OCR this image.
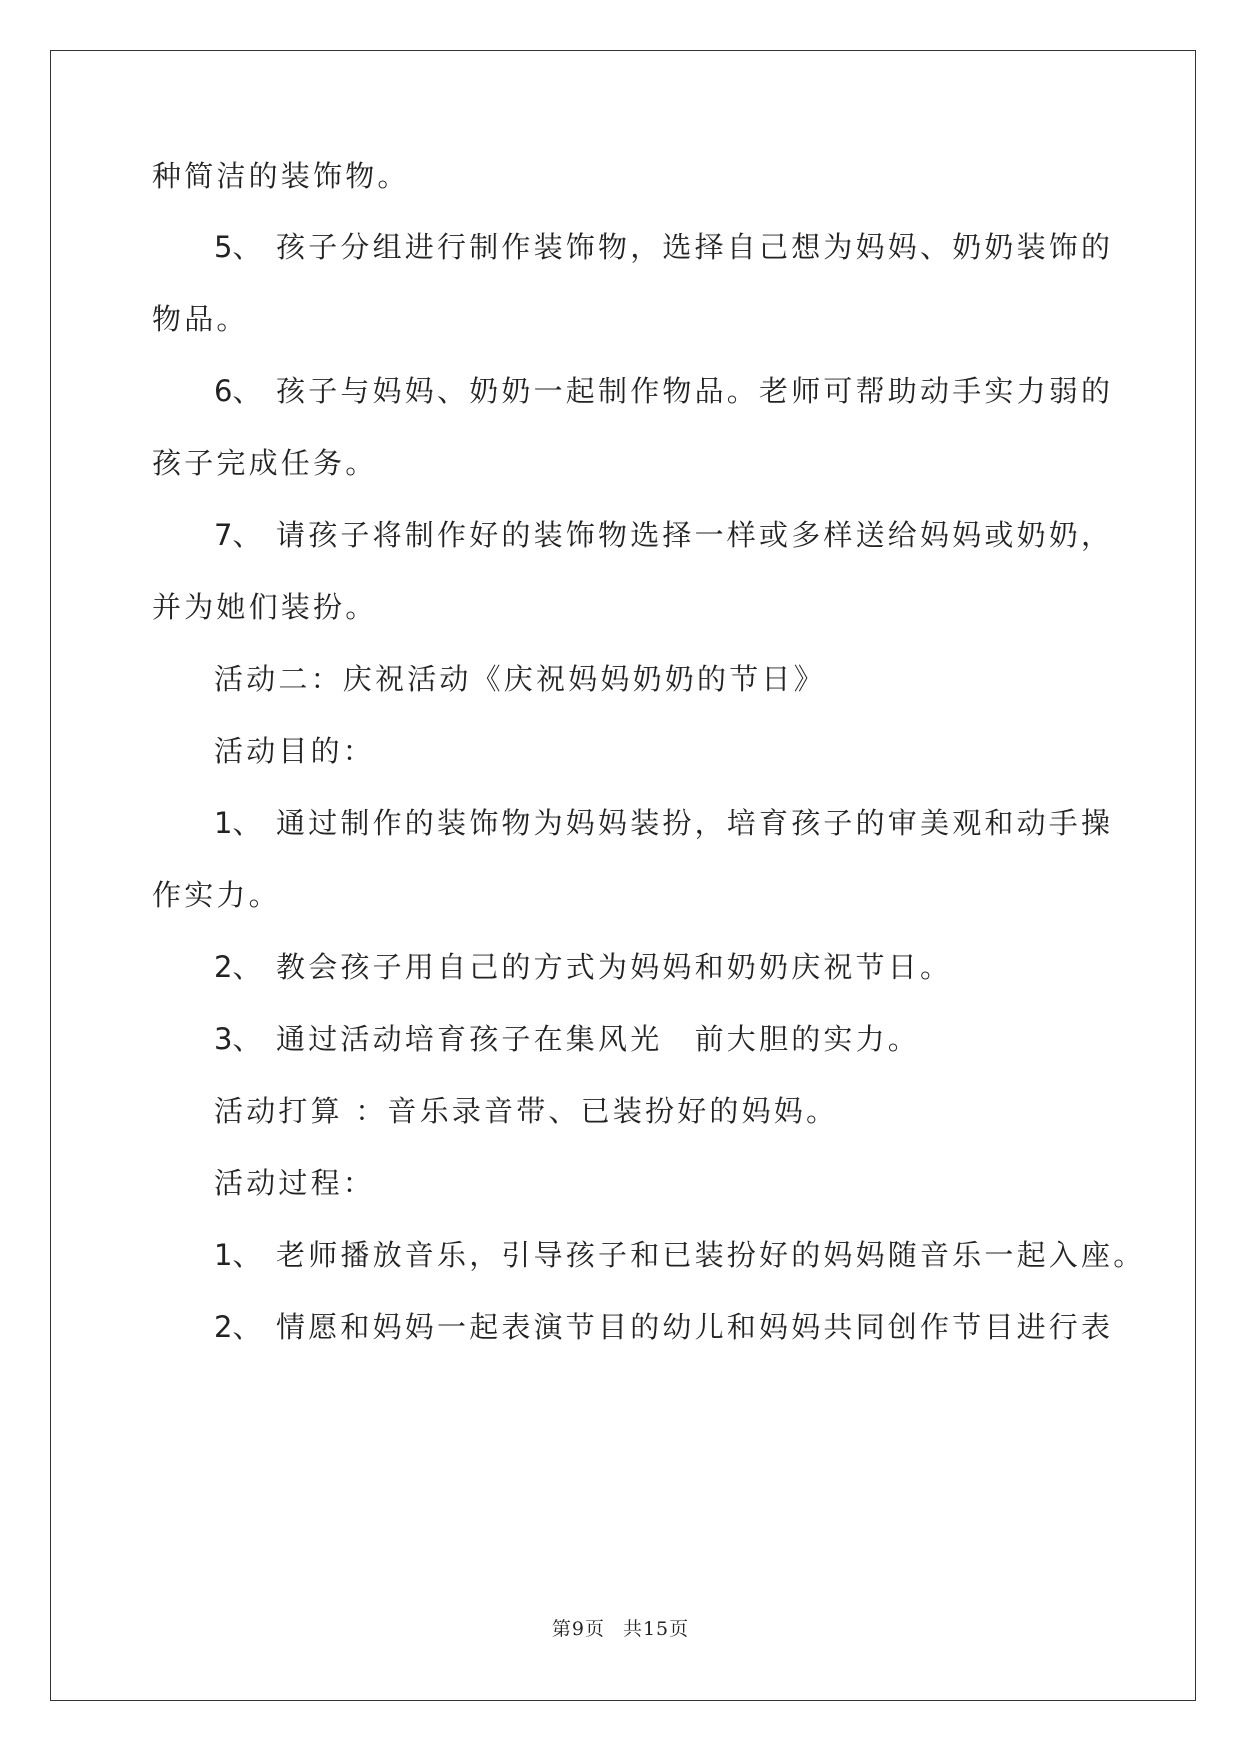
种简洁的装饰物。
5、 孩子分组进行制作装饰物，选择自己想为妈妈、奶奶装饰的
物品。
6、 孩子与妈妈、奶奶一起制作物品。老师可帮助动手实力弱的
孩子完成任务。
7、 请孩子将制作好的装饰物选择一样或多样送给妈妈或奶奶，
并为她们装扮。
活动二：庆祝活动《庆祝妈妈奶奶的节日》
活动目的：
1、 通过制作的装饰物为妈妈装扮，培育孩子的审美观和动手操
作实力。
2、 教会孩子用自己的方式为妈妈和奶奶庆祝节日。
3、 通过活动培育孩子在集风光　前大胆的实力。
活动打算 ：音乐录音带、已装扮好的妈妈。
活动过程：
1、 老师播放音乐，引导孩子和已装扮好的妈妈随音乐一起入座。
2、 情愿和妈妈一起表演节目的幼儿和妈妈共同创作节目进行表
第9页 共15页
